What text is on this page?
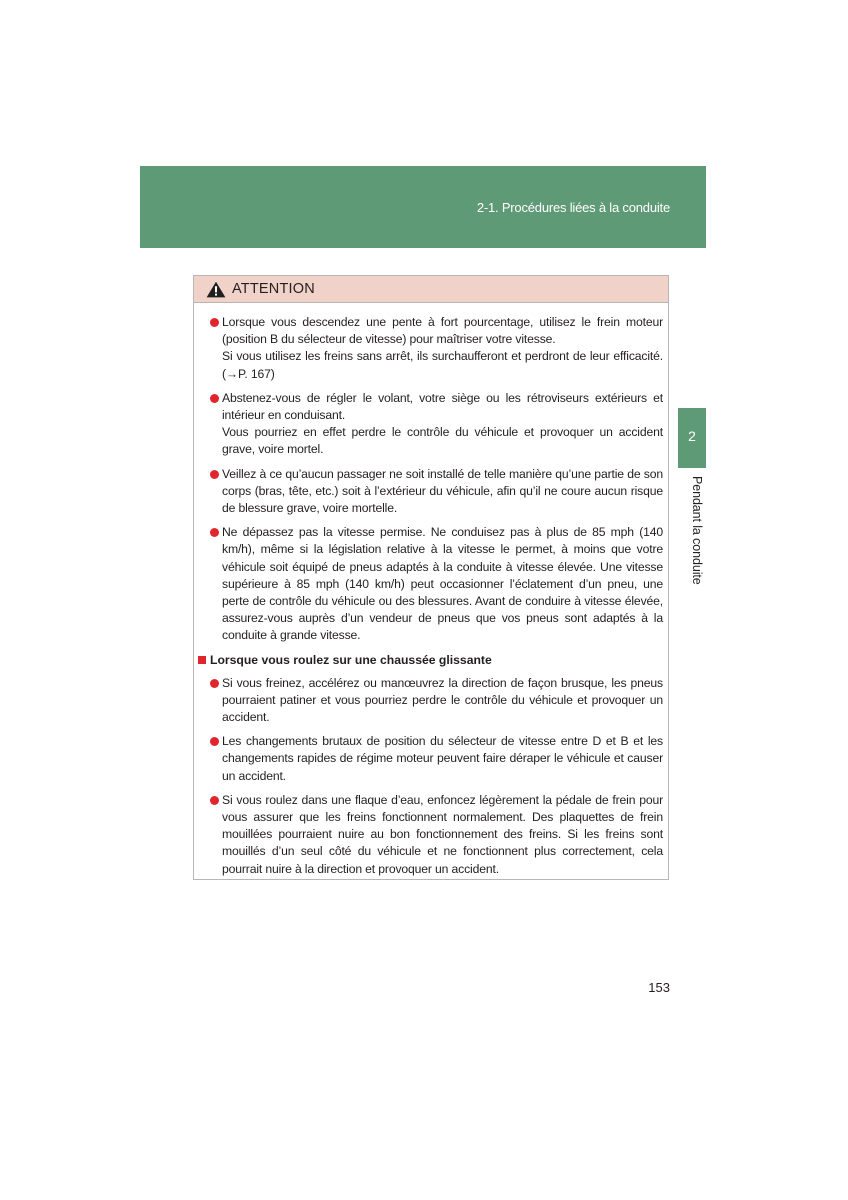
2-1. Procédures liées à la conduite
2
Pendant la conduite
ATTENTION

Lorsque vous descendez une pente à fort pourcentage, utilisez le frein moteur (position B du sélecteur de vitesse) pour maîtriser votre vitesse.

Si vous utilisez les freins sans arrêt, ils surchaufferont et perdront de leur efficacité. (→P. 167)

Abstenez-vous de régler le volant, votre siège ou les rétroviseurs extérieurs et intérieur en conduisant.

Vous pourriez en effet perdre le contrôle du véhicule et provoquer un accident grave, voire mortel.

Veillez à ce qu’aucun passager ne soit installé de telle manière qu’une partie de son corps (bras, tête, etc.) soit à l’extérieur du véhicule, afin qu’il ne coure aucun risque de blessure grave, voire mortelle.

Ne dépassez pas la vitesse permise. Ne conduisez pas à plus de 85 mph (140 km/h), même si la législation relative à la vitesse le permet, à moins que votre véhicule soit équipé de pneus adaptés à la conduite à vitesse élevée. Une vitesse supérieure à 85 mph (140 km/h) peut occasionner l’éclatement d’un pneu, une perte de contrôle du véhicule ou des blessures. Avant de conduire à vitesse élevée, assurez-vous auprès d’un vendeur de pneus que vos pneus sont adaptés à la conduite à grande vitesse.

Lorsque vous roulez sur une chaussée glissante

Si vous freinez, accélérez ou manœuvrez la direction de façon brusque, les pneus pourraient patiner et vous pourriez perdre le contrôle du véhicule et provoquer un accident.

Les changements brutaux de position du sélecteur de vitesse entre D et B et les changements rapides de régime moteur peuvent faire déraper le véhicule et causer un accident.

Si vous roulez dans une flaque d’eau, enfoncez légèrement la pédale de frein pour vous assurer que les freins fonctionnent normalement. Des plaquettes de frein mouillées pourraient nuire au bon fonctionnement des freins. Si les freins sont mouillés d’un seul côté du véhicule et ne fonctionnent plus correctement, cela pourrait nuire à la direction et provoquer un accident.

153
